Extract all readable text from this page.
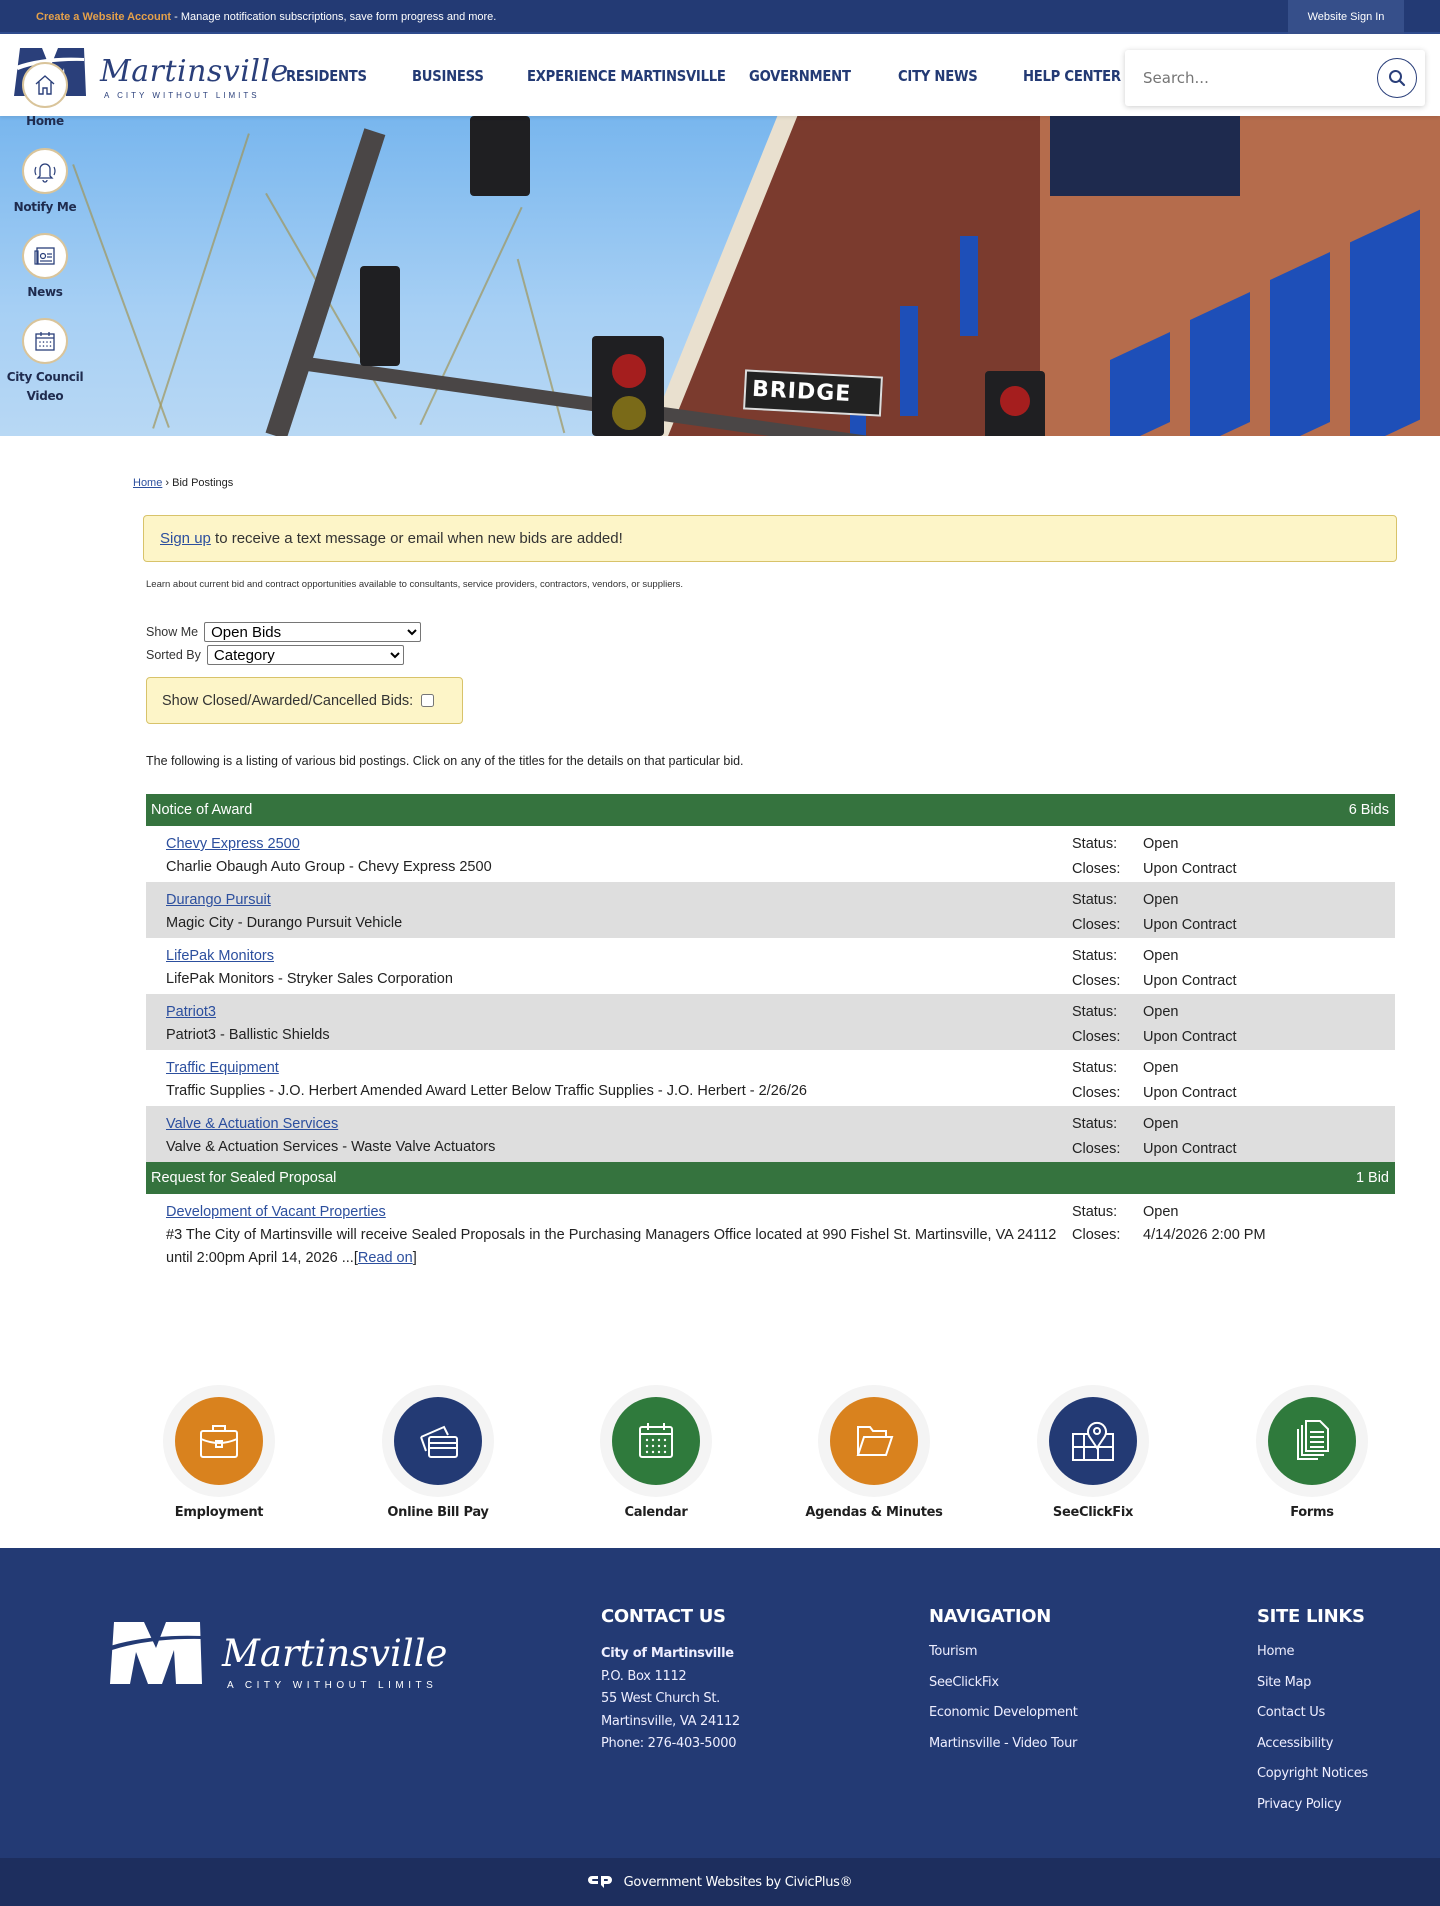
Create a Website Account - Manage notification subscriptions, save form progress and more.	Website Sign In
Martinsville
A CITY WITHOUT LIMITS
RESIDENTS	BUSINESS	EXPERIENCE MARTINSVILLE GOVERNMENT	CITY NEWS	HELP CENTER
Search...
Home
BRIDGE
Notify Me
News
City Council Video
Home › Bid Postings
Sign up to receive a text message or email when new bids are added!
Learn about current bid and contract opportunities available to consultants, service providers, contractors, vendors, or suppliers.
Show Me
Open Bids
Sorted By
Category
Show Closed/Awarded/Cancelled Bids:
The following is a listing of various bid postings. Click on any of the titles for the details on that particular bid.
Notice of Award	6 Bids
Chevy Express 2500
Charlie Obaugh Auto Group - Chevy Express 2500
Status:	Open
Closes:	Upon Contract
Durango Pursuit
Magic City - Durango Pursuit Vehicle
Status:	Open
Closes:	Upon Contract
LifePak Monitors
LifePak Monitors - Stryker Sales Corporation
Status:	Open
Closes:	Upon Contract
Patriot3
Patriot3 - Ballistic Shields
Status:	Open
Closes:	Upon Contract
Traffic Equipment
Traffic Supplies - J.O. Herbert Amended Award Letter Below Traffic Supplies - J.O. Herbert - 2/26/26
Status:	Open
Closes:	Upon Contract
Valve & Actuation Services
Valve & Actuation Services - Waste Valve Actuators
Status:	Open
Closes:	Upon Contract
Request for Sealed Proposal	1 Bid
Development of Vacant Properties
#3 The City of Martinsville will receive Sealed Proposals in the Purchasing Managers Office located at 990 Fishel St. Martinsville, VA 24112 until 2:00pm April 14, 2026 ...[Read on]
Status:	Open
Closes:	4/14/2026 2:00 PM
Employment	Online Bill Pay	Calendar	Agendas & Minutes	SeeClickFix	Forms
Martinsville
A CITY WITHOUT LIMITS
CONTACT US
City of Martinsville
P.O. Box 1112
55 West Church St.
Martinsville, VA 24112
Phone: 276-403-5000
NAVIGATION
Tourism
SeeClickFix
Economic Development
Martinsville - Video Tour
SITE LINKS
Home
Site Map
Contact Us
Accessibility
Copyright Notices
Privacy Policy
Government Websites by CivicPlus®
